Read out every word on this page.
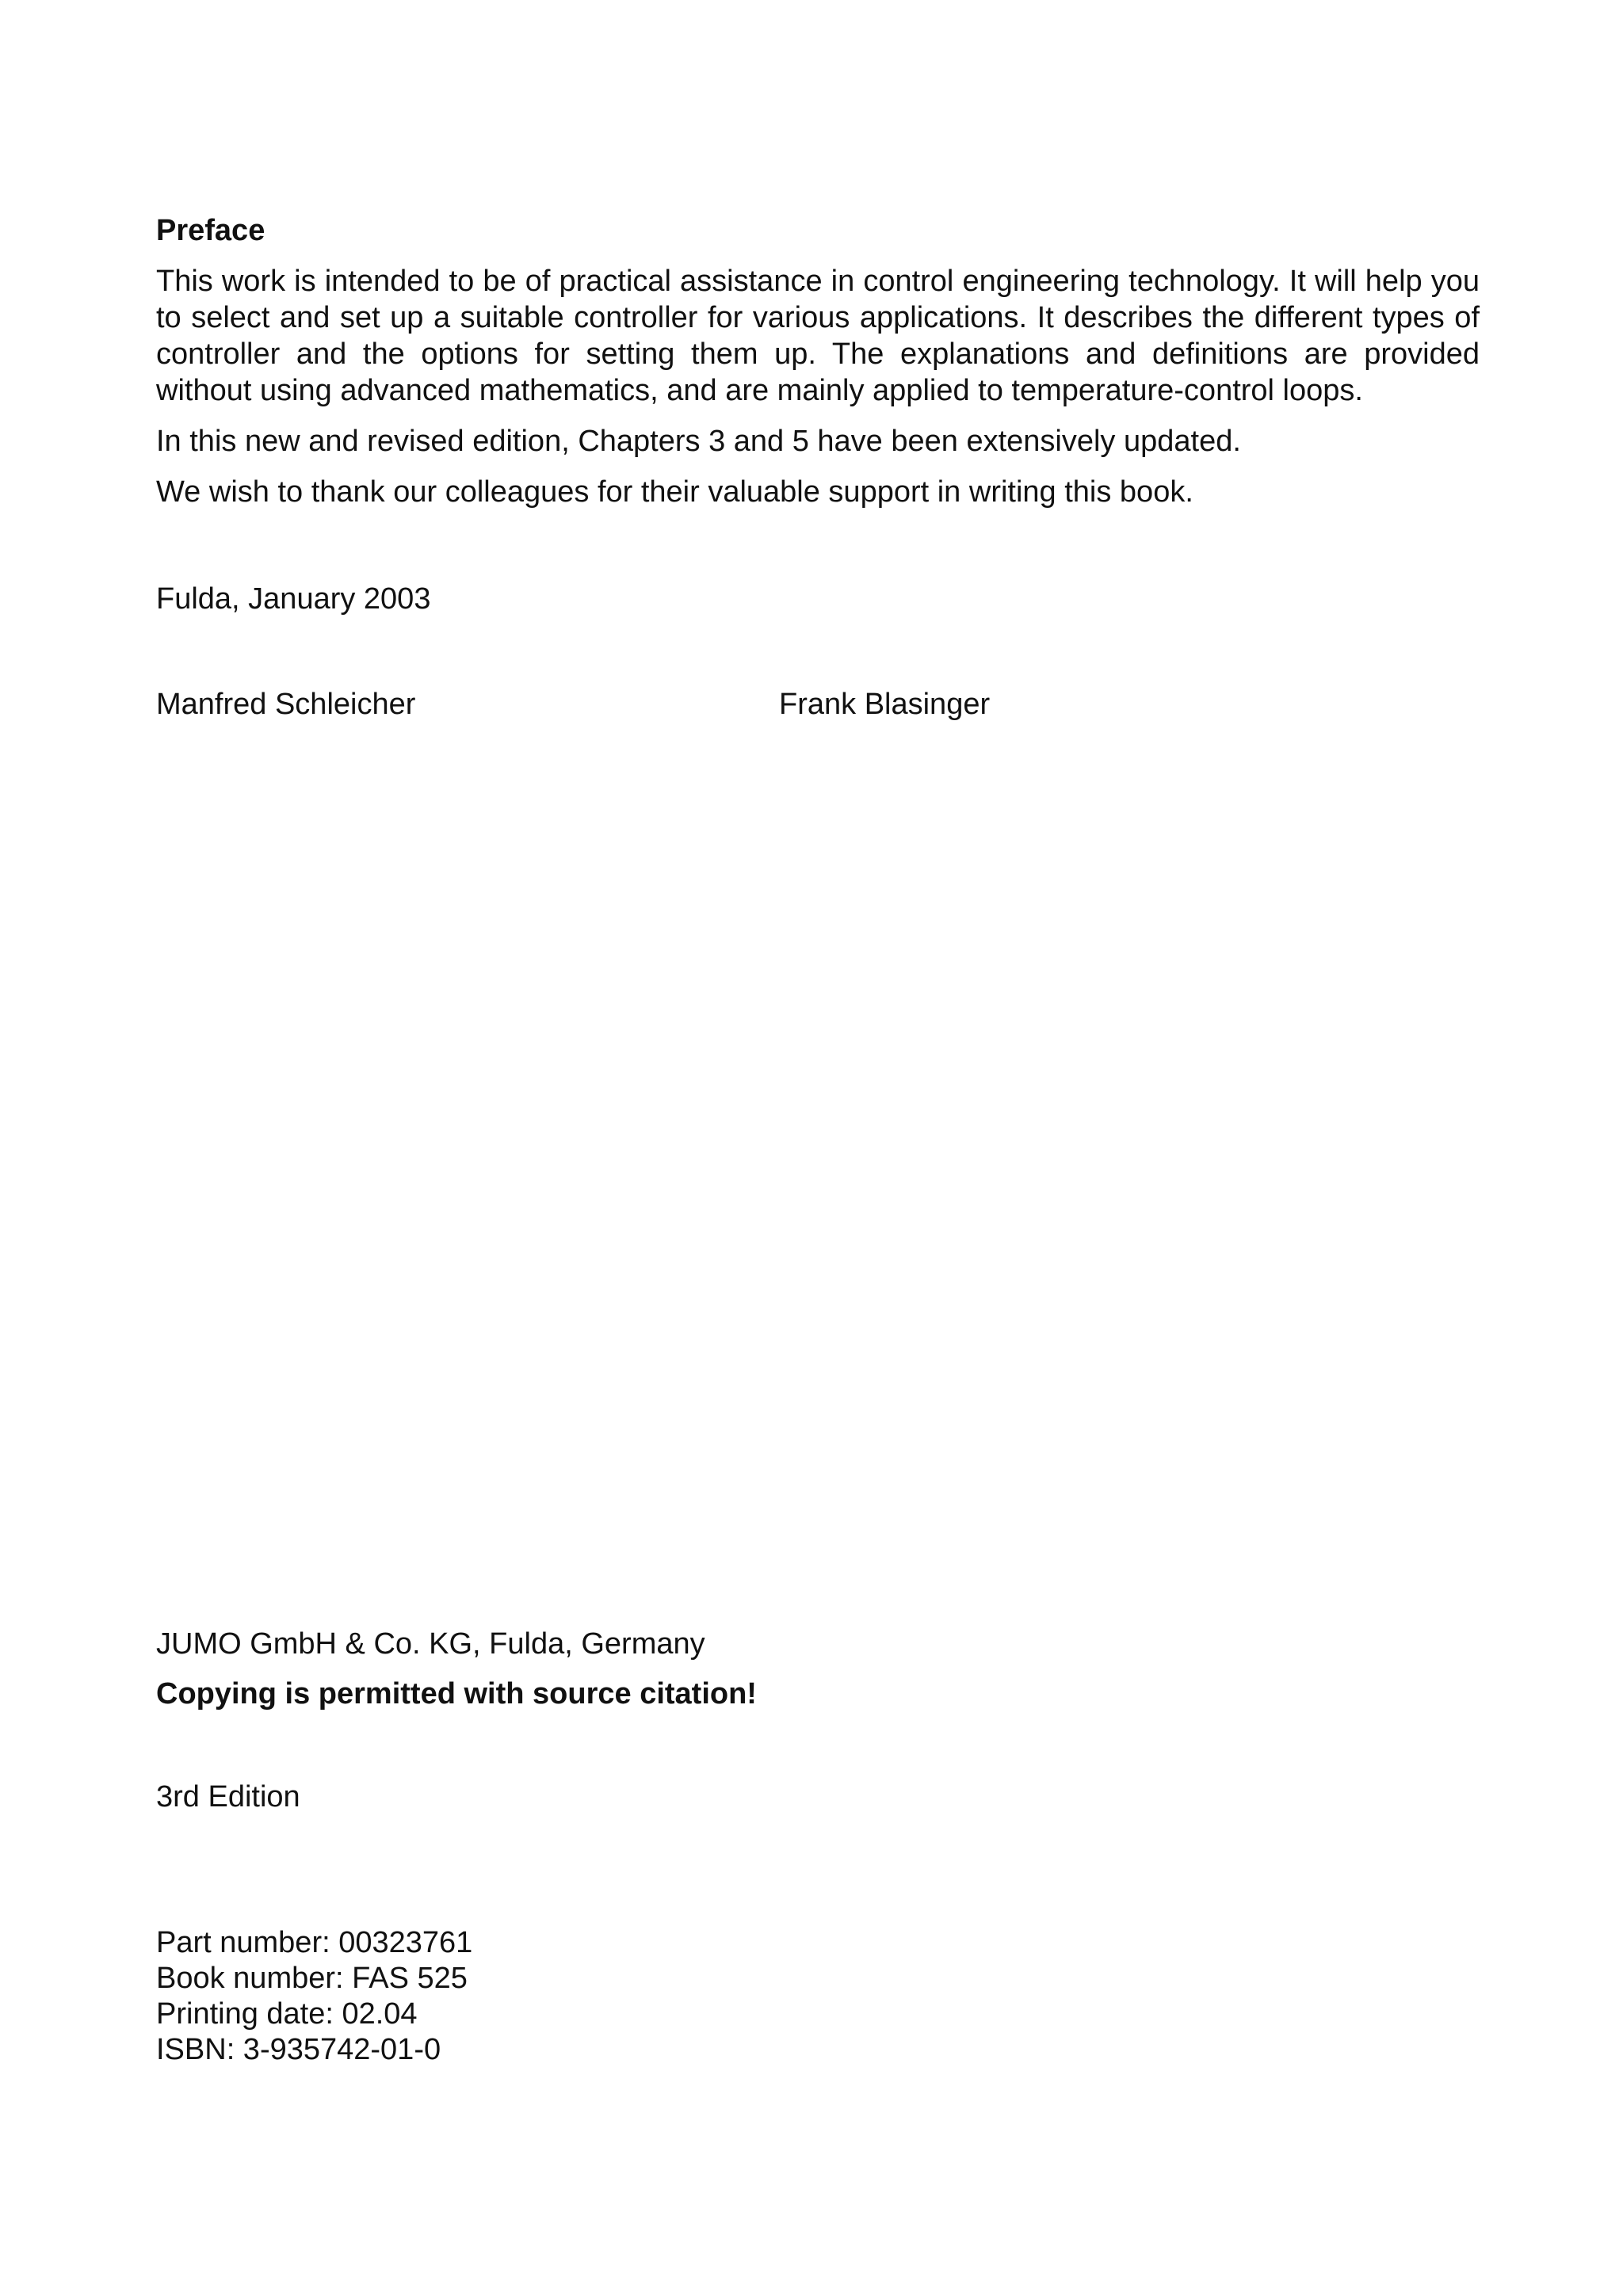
Preface

This work is intended to be of practical assistance in control engineering technology. It will help you to select and set up a suitable controller for various applications. It describes the different types of controller and the options for setting them up. The explanations and definitions are provided without using advanced mathematics, and are mainly applied to temperature-control loops.

In this new and revised edition, Chapters 3 and 5 have been extensively updated.

We wish to thank our colleagues for their valuable support in writing this book.

Fulda, January 2003

Manfred Schleicher	Frank Blasinger

JUMO GmbH & Co. KG, Fulda, Germany

Copying is permitted with source citation!

3rd Edition

Part number: 00323761

Book number: FAS 525

Printing date: 02.04

ISBN: 3-935742-01-0
